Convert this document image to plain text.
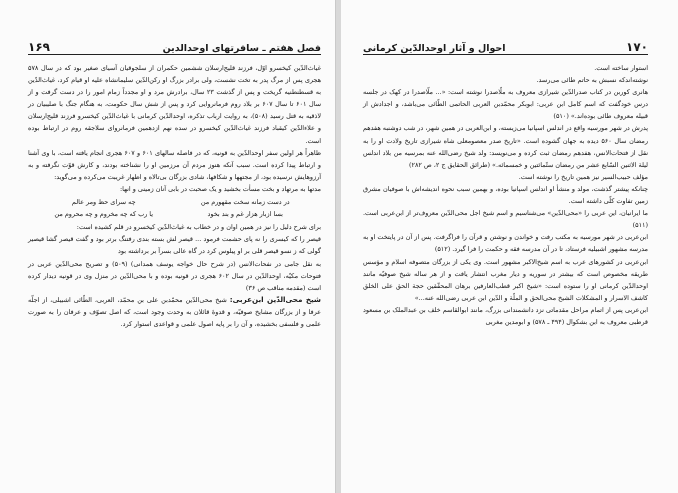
فصل هفتم ـ سافرتهای اوحدالدین
۱۶۹

غیاث‌الدّین کیخسرو اوّل، فرزند قلیج‌ارسلان ششمین حکمران از سلجوقیان آسیای صغیر بود که در سال ۵۷۸ هجری پس از مرگ پدر به تخت نشست، ولی برادر بزرگ او رکن‌الدّین سلیمانشاه علیه او قیام کرد، غیاث‌الدّین به قسطنطنیه گریخت و پس از گذشت ۲۳ سال، برادرش مرد و او مجدداً زمام امور را در دست گرفت و از سال ۶۰۱ تا سال ۶۰۷ بر بلاد روم فرمانروایی کرد و پس از شش سال حکومت، به هنگام جنگ با صلیبیان در لاذقیه به قتل رسید (۵۰۸)، به روایت ارباب تذکره، اوحدالدّین کرمانی با غیاث‌الدّین کیخسرو فرزند قلیج‌ارسلان و علاءالدّین کیقباد فرزند غیاث‌الدّین کیخسرو در سده نهم ازدهمین فرمانروای سلاجقه روم در ارتباط بوده است.

ظاهراً هر اولین سفر اوحدالدّین به قونیه، که در فاصله سالهای ۶۰۱ و ۶۰۷ هجری انجام یافته است، با وی آشنا و ارتباط پیدا کرده است. سبب آنکه هنوز مردم آن مرزمین او را نشناخته بودند، و کارش قوّت نگرفته و به آرزوهایش نرسیده بود، از مجتهها و شکافها، شادی بزرگان بی‌تالاه و اظهار غریبت می‌کرده و می‌گوید:

مدتها به مرتهاد و بخت مسأت بخشید و یک صحبت در بابی آنان زمینی و انها:

در دست زمانه سخت مقهورم من
چه سرای حظ ومر عالم
بسا ازبار هزار غم و بند بخود
یا رب که چه مخروم و چه محروم من

برای شرح دلیل را نیز در همین اوان و در خطاب به غیاث‌الدّین کیخسرو در قلم کشیده است:

قیصر را که کیسری را نه پای حشمت فرمود ... قیصر لش بسته بندی رفتنگ برتر بود و گفت قیصر گشا قیصیر گولی که ز نسو قیصر قلی بر او پیلوس کرد در گاه عالی بسرآ بر برداشته بود

به نقل جامی در نفحات‌الانس (در شرح حال خواجه یوسف همدانی) (۵۰۹) و تصریح محی‌الدّین عربی در فتوحات مکیّه، اوحدالدّین در سال ۶۰۲ هجری در قونیه بوده و با محی‌الدّین در منزل وی در قونیه دیدار کرده است (مقدمه مناقب ص ۳۶)

شیخ محی‌الدّین ابن‌عربی: شیخ محی‌الدّین محمّدبن علی بن محمّد، العربی، الطّائی اشبیلی، از اجلّه عرفا و از بزرگان مشایخ صوفیّه، و قدوهٔ قائلان به وحدت وجود است، که اصل تصوّف و عرفان را به صورت علمی و فلسفی بخشیده، و آن را بر پایه اصول علمی و قواعدی استوار کرد.

۱۷۰
احوال و آثار اوحدالدّین کرمانی

استوار ساخته است.

نوشته‌اندکه نسبش به حاتم طائی می‌رسد.

هانری کوربن در کتاب صدرالدّین شیرازی معروف به ملّاصدرا نوشته است: «... ملّاصدرا در کهک در جلسه درس خودگفت که اسم کامل ابن عربی: ابوبکر محمّدبن العربی الحاتمی الطّائی می‌باشد، و اجدادش از قبیله معروف طائی بوده‌اند.» (۵۱۰)

پدرش در شهر مورسیه واقع در اندلس اسپانیا می‌زیسته، و ابن‌العربی در همین شهر، در شب دوشنبه هفدهم رمضان سال ۵۶۰ دیده به جهان گشوده است. «تاریخ صدر معصومعلی شاه شیرازی تاریخ ولادت او را به نقل از فتحات‌الانس، هفدهم رمضان ثبت کرده و می‌نویسد: ولد شیخ رضی‌الله عنه بمرسیه من بلاد اندلس لیلة الاثنین السّابع عشر من رمضان ستّمائتین و خمسمائه.» (طرائق الحقایق ج ۲، ص ۲۸۲)

مؤلف حبیب‌السیر نیز همین تاریخ را نوشته است.

چنانکه پیشتر گذشت، مولد و منشأ او اندلس اسپانیا بوده، و بهمین سبب نحوه اندیشه‌اش با صوفیان مشرق زمین تفاوت کلّی داشته است.

ما ایرانیان، این عربی را «محی‌الدّین» می‌شناسیم و اسم شیخ اجل محی‌الدّین معروف‌تر از ابن‌عربی است. (۵۱۱)

ابن‌عربی در شهر مورسیه به مکتب رفت و خواندن و نوشتن و قرآن را فراگرفت. پس از آن در پایتخت او به مدرسه مشهور اشبیلیه فرستاد، تا در آن مدرسه فقه و حکمت را فرا گیرد. (۵۱۲)

ابن‌عربی در کشورهای عرب به اسم شیخ‌الاکبر مشهور است. وی یکی از بزرگان متصوفه اسلام و مؤسس طریقه مخصوص است که بیشتر در سوریه و دیار مغرب انتشار یافت و از هر ساله شیخ صوفیّه مانند اوحدالدّین کرمانی او را ستوده است: «شیخ اکبر قطب‌العارفین برهان المحقّقین حجة الحق علی الخلق کاشف الاسرار و المشکلات الشیخ محی‌الحق و الملّة و الدّین ابن عربی رضی‌الله عنه...»

ابن‌عربی پس از اتمام مراحل مقدماتی نزد دانشمندانی بزرگ، مانند ابوالقاسم خلف بن عبدالملک بن مسعود قرطبی معروف به ابن بشکوال (۴۹۴ ـ ۵۷۸) و ابومدین مغربی
